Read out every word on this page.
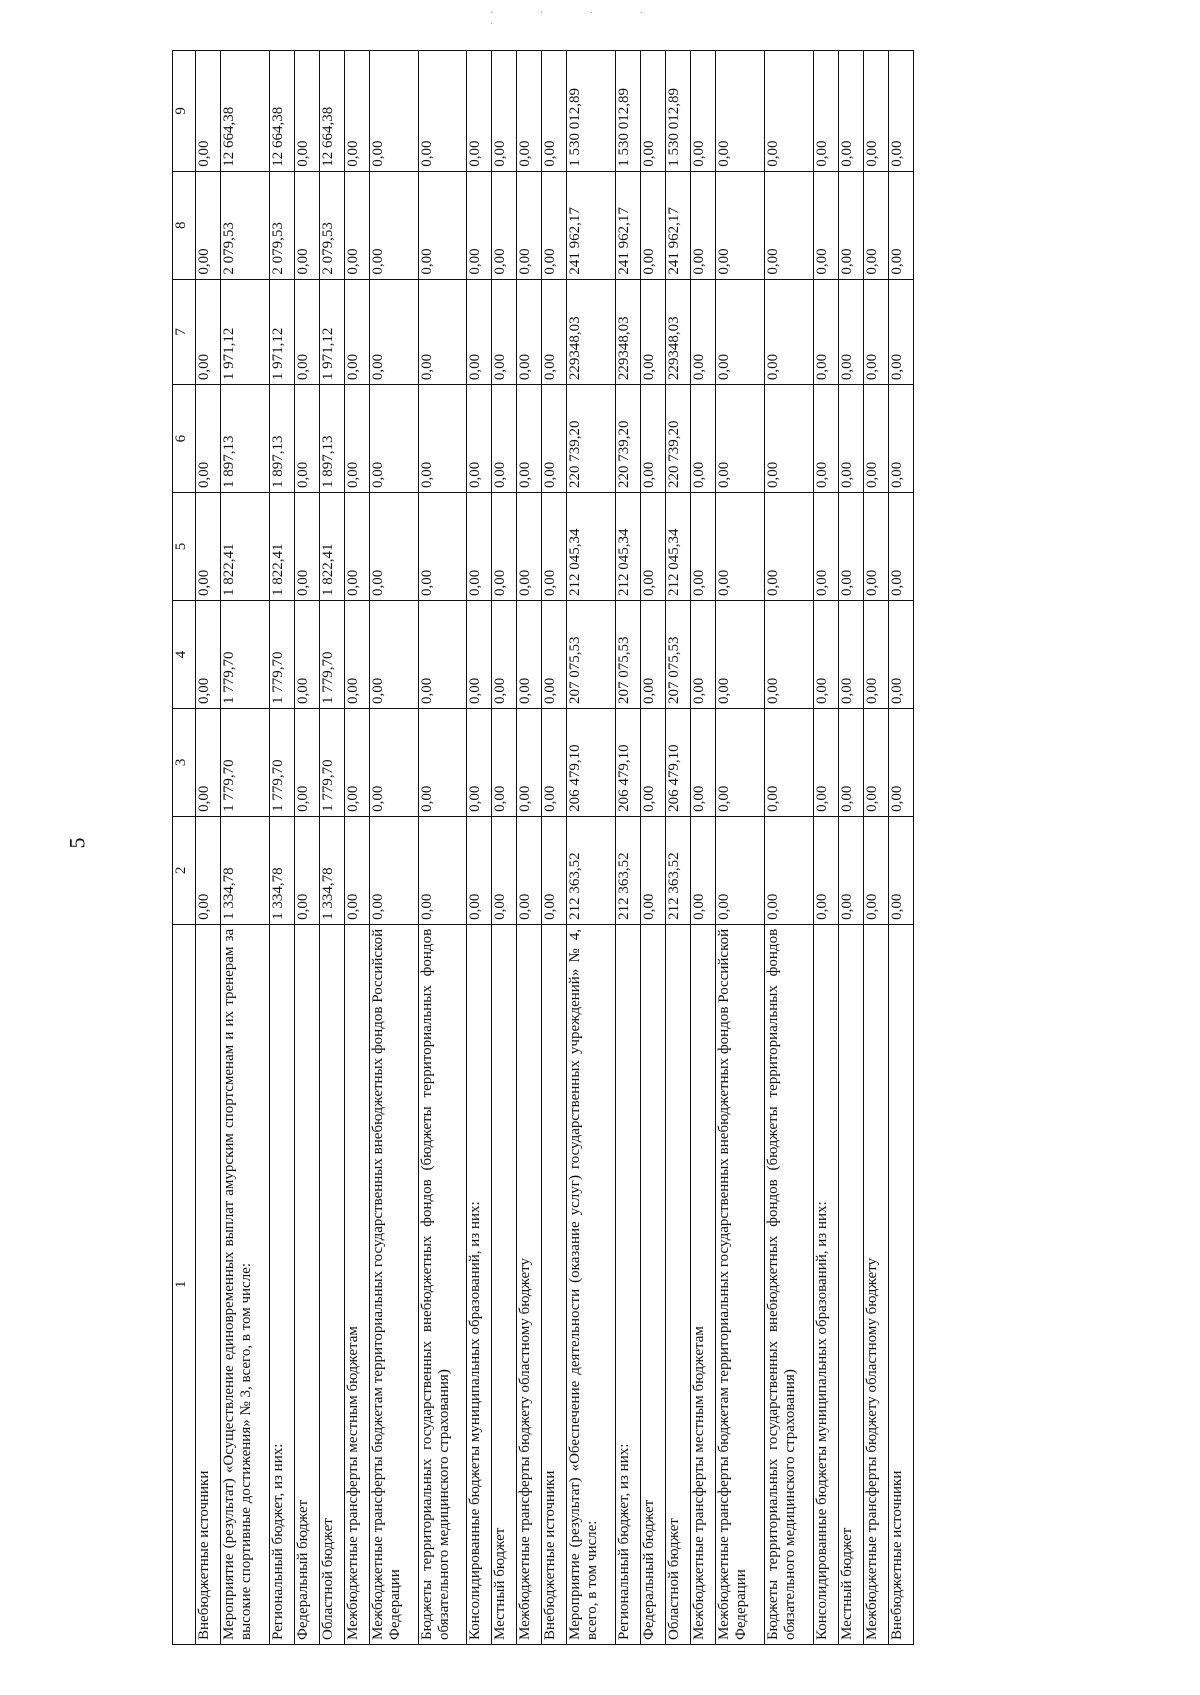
· · · · ·
5
1	2	3	4	5	6	7	8	9
Внебюджетные источники	0,00	0,00	0,00	0,00	0,00	0,00	0,00	0,00
Мероприятие (результат) «Осуществление единовременных выплат амурским спортсменам и их тренерам за высокие спортивные достижения» № 3, всего, в том числе:	1 334,78	1 779,70	1 779,70	1 822,41	1 897,13	1 971,12	2 079,53	12 664,38
Региональный бюджет, из них:	1 334,78	1 779,70	1 779,70	1 822,41	1 897,13	1 971,12	2 079,53	12 664,38
Федеральный бюджет	0,00	0,00	0,00	0,00	0,00	0,00	0,00	0,00
Областной бюджет	1 334,78	1 779,70	1 779,70	1 822,41	1 897,13	1 971,12	2 079,53	12 664,38
Межбюджетные трансферты местным бюджетам	0,00	0,00	0,00	0,00	0,00	0,00	0,00	0,00
Межбюджетные трансферты бюджетам территориальных государственных внебюджетных фондов Российской Федерации	0,00	0,00	0,00	0,00	0,00	0,00	0,00	0,00
Бюджеты территориальных государственных внебюджетных фондов (бюджеты территориальных фондов обязательного медицинского страхования)	0,00	0,00	0,00	0,00	0,00	0,00	0,00	0,00
Консолидированные бюджеты муниципальных образований, из них:	0,00	0,00	0,00	0,00	0,00	0,00	0,00	0,00
Местный бюджет	0,00	0,00	0,00	0,00	0,00	0,00	0,00	0,00
Межбюджетные трансферты бюджету областному бюджету	0,00	0,00	0,00	0,00	0,00	0,00	0,00	0,00
Внебюджетные источники	0,00	0,00	0,00	0,00	0,00	0,00	0,00	0,00
Мероприятие (результат) «Обеспечение деятельности (оказание услуг) государственных учреждений» № 4, всего, в том числе:	212 363,52	206 479,10	207 075,53	212 045,34	220 739,20	229348,03	241 962,17	1 530 012,89
Региональный бюджет, из них:	212 363,52	206 479,10	207 075,53	212 045,34	220 739,20	229348,03	241 962,17	1 530 012,89
Федеральный бюджет	0,00	0,00	0,00	0,00	0,00	0,00	0,00	0,00
Областной бюджет	212 363,52	206 479,10	207 075,53	212 045,34	220 739,20	229348,03	241 962,17	1 530 012,89
Межбюджетные трансферты местным бюджетам	0,00	0,00	0,00	0,00	0,00	0,00	0,00	0,00
Межбюджетные трансферты бюджетам территориальных государственных внебюджетных фондов Российской Федерации	0,00	0,00	0,00	0,00	0,00	0,00	0,00	0,00
Бюджеты территориальных государственных внебюджетных фондов (бюджеты территориальных фондов обязательного медицинского страхования)	0,00	0,00	0,00	0,00	0,00	0,00	0,00	0,00
Консолидированные бюджеты муниципальных образований, из них:	0,00	0,00	0,00	0,00	0,00	0,00	0,00	0,00
Местный бюджет	0,00	0,00	0,00	0,00	0,00	0,00	0,00	0,00
Межбюджетные трансферты бюджету областному бюджету	0,00	0,00	0,00	0,00	0,00	0,00	0,00	0,00
Внебюджетные источники	0,00	0,00	0,00	0,00	0,00	0,00	0,00	0,00
